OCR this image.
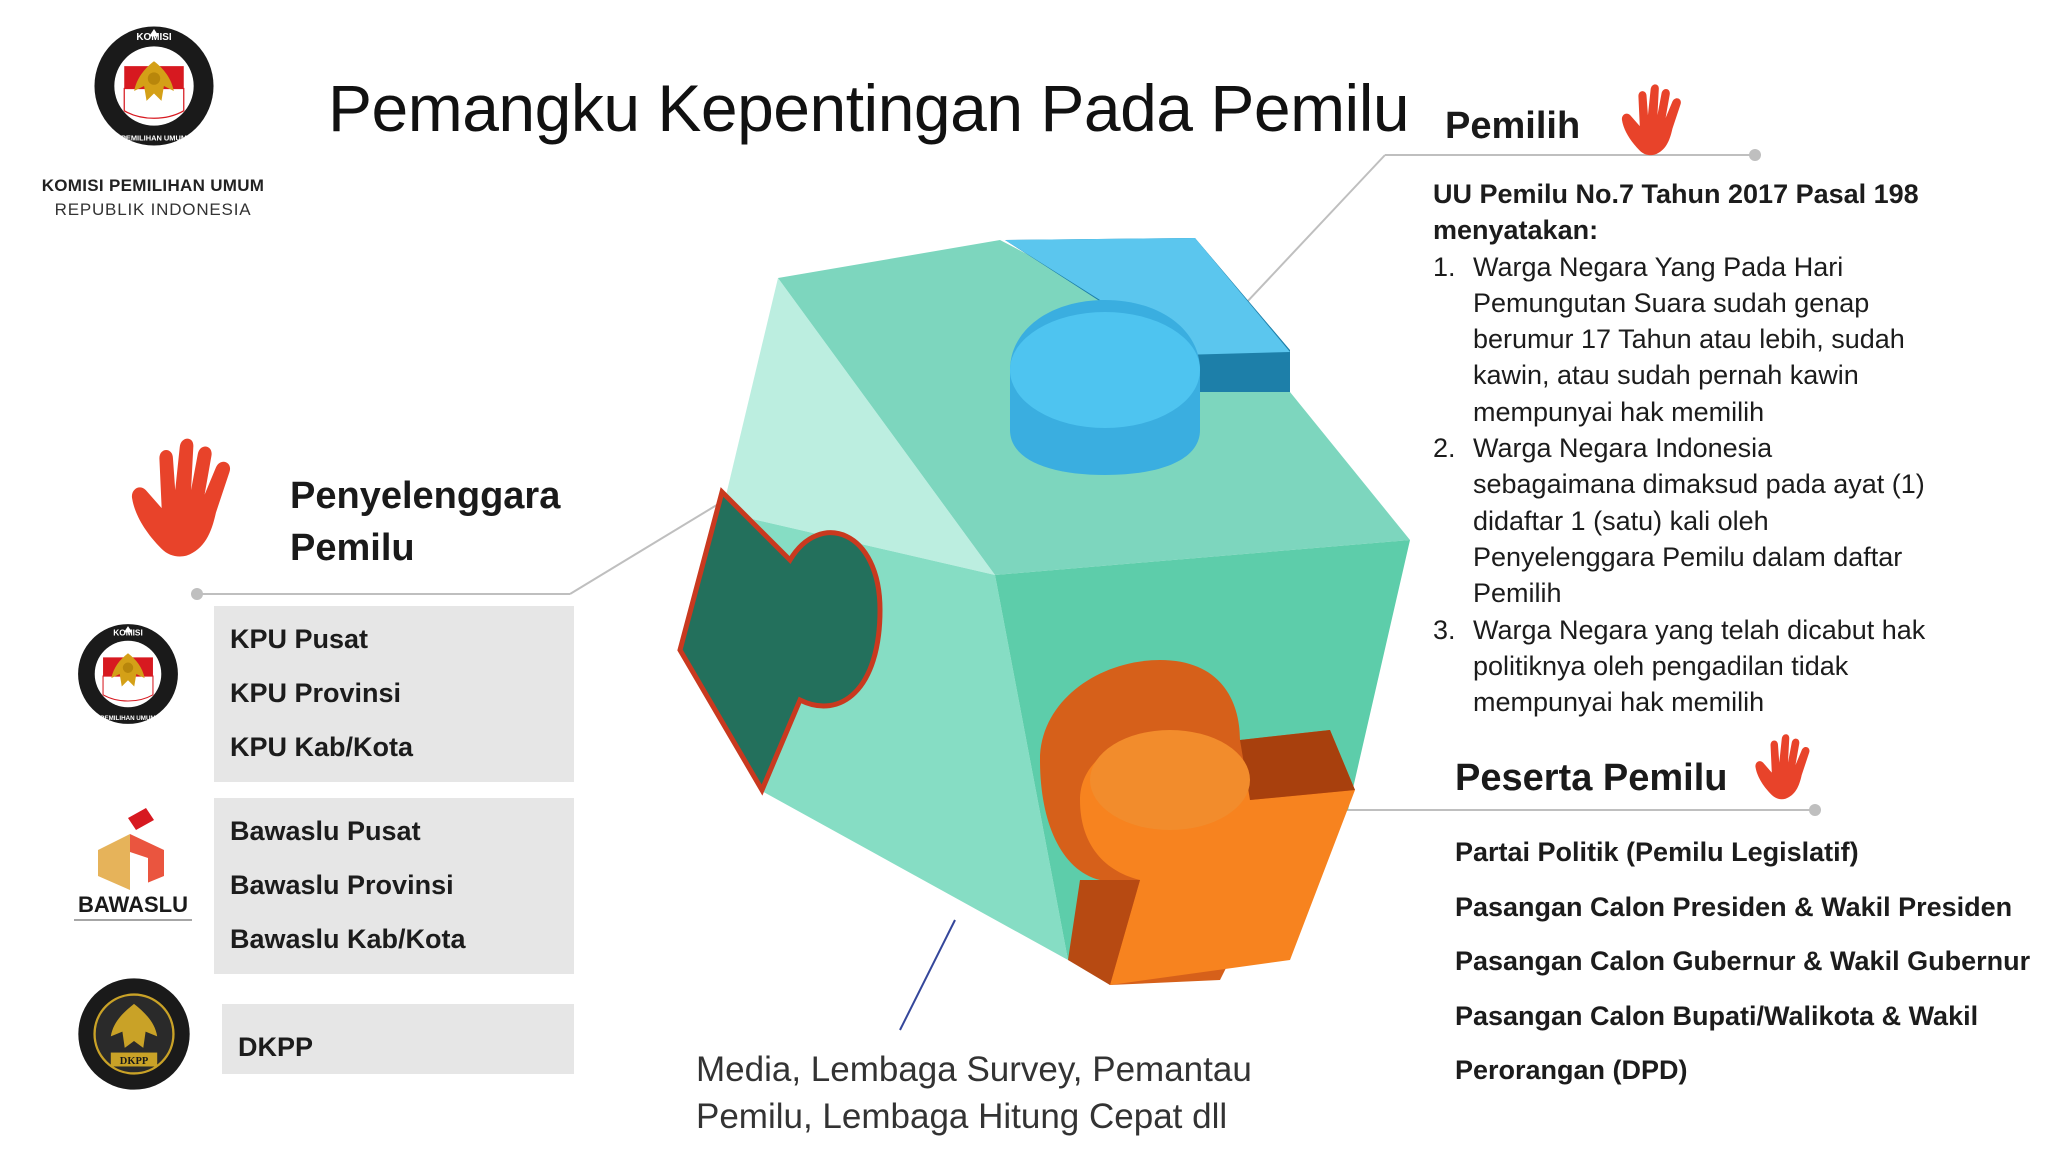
KOMISI
PEMILIHAN UMUM
KOMISI PEMILIHAN UMUM
REPUBLIK INDONESIA
Pemangku Kepentingan Pada Pemilu
Penyelenggara
Pemilu
KOMISI
PEMILIHAN UMUM
KPU Pusat
KPU Provinsi
KPU Kab/Kota
BAWASLU
Bawaslu Pusat
Bawaslu Provinsi
Bawaslu Kab/Kota
DKPP	DKPP
Pemilih
UU Pemilu No.7 Tahun 2017 Pasal 198
menyatakan:
1. Warga Negara Yang Pada Hari
Pemungutan Suara sudah genap
berumur 17 Tahun atau lebih, sudah
kawin, atau sudah pernah kawin
mempunyai hak memilih
2. Warga Negara Indonesia
sebagaimana dimaksud pada ayat (1)
didaftar 1 (satu) kali oleh
Penyelenggara Pemilu dalam daftar
Pemilih
3. Warga Negara yang telah dicabut hak
politiknya oleh pengadilan tidak
mempunyai hak memilih
Peserta Pemilu
Partai Politik (Pemilu Legislatif)
Pasangan Calon Presiden & Wakil Presiden
Pasangan Calon Gubernur & Wakil Gubernur
Pasangan Calon Bupati/Walikota & Wakil
Perorangan (DPD)
Media, Lembaga Survey, Pemantau
Pemilu, Lembaga Hitung Cepat dll
